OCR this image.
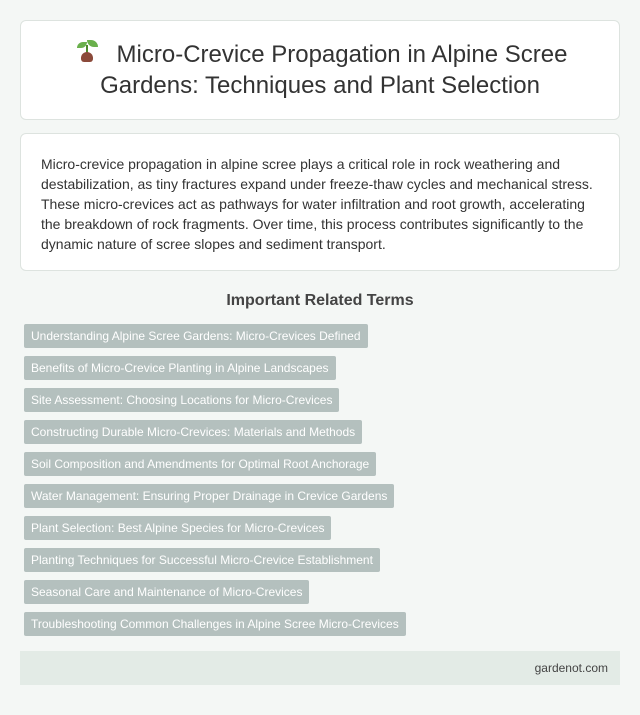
Micro-Crevice Propagation in Alpine Scree Gardens: Techniques and Plant Selection

Micro-crevice propagation in alpine scree plays a critical role in rock weathering and destabilization, as tiny fractures expand under freeze-thaw cycles and mechanical stress. These micro-crevices act as pathways for water infiltration and root growth, accelerating the breakdown of rock fragments. Over time, this process contributes significantly to the dynamic nature of scree slopes and sediment transport.

Important Related Terms
Understanding Alpine Scree Gardens: Micro-Crevices Defined
Benefits of Micro-Crevice Planting in Alpine Landscapes
Site Assessment: Choosing Locations for Micro-Crevices
Constructing Durable Micro-Crevices: Materials and Methods
Soil Composition and Amendments for Optimal Root Anchorage
Water Management: Ensuring Proper Drainage in Crevice Gardens
Plant Selection: Best Alpine Species for Micro-Crevices
Planting Techniques for Successful Micro-Crevice Establishment
Seasonal Care and Maintenance of Micro-Crevices
Troubleshooting Common Challenges in Alpine Scree Micro-Crevices
gardenot.com
